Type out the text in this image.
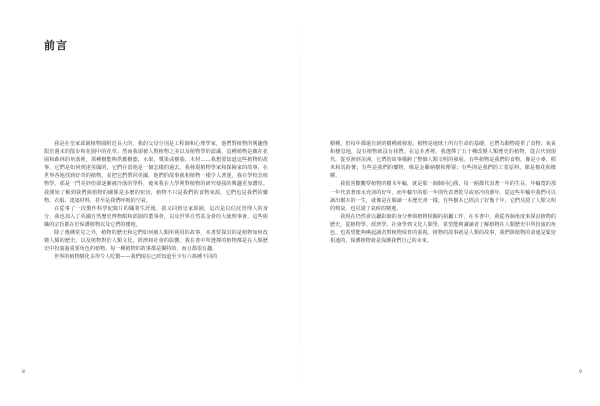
前言

我是在皇家邱園植物園附近長大的，我的父母分別是工程師和心理學家，他們對植物的興趣僅限於週末的散步和花園中的花草。然而我卻被人對植物之美以及植物學的認識，這種植物是藏在花園和森林的角落裡，那種樹能夠供應樹蔭、水果、漿果或樹脂，木材……我想要知道這些植物的故事，它們是如何到達英國的，它們在當地是一個怎樣的過去。我發現植物學家和探險家的故事，在世界各地找到好奇的植物，並把它們帶回英國，他們的故事就和植物一樣令人著迷。我在學校念植物學，那是一門美妙但卻逐漸被冷落的學科，後來我在大學裡對植物的研究使我的興趣更加濃厚。我開始了解到我們與植物的關係是多麼的密切，植物不只是我們的食物來源，它們也是我們的藥物、衣服、建築材料，甚至是我們呼吸的空氣。

在從事了一段製作科學紀錄片的職業生涯後，我又回到皇家邱園，這次是以信託管理人的身分，我也加入了英國自然歷史博物館和邱園的董事會，以及世界自然基金會的大使理事會，這些組織的宗旨都在於保護植物以及它們的棲地。

除了幾種常見之外，植物的歷史和它們如何被人類所利用的故事，本書要探討的是植物如何改變人類的歷史，以及植物對於人類文化、經濟和社會的影響。我在書中所選擇的植物都是在人類歷史中扮演過重要角色的植物，每一種植物的故事都是獨特的，而且都很有趣。

世界的植物變化多得令人吃驚——我們現在已經知道至少有六萬種不同的

8

樹種，但每年都還有新的樹種被發現。植物是地球上所有生命的基礎，它們為動物提供了食物、氧氣和棲息地，沒有植物就沒有我們。在這本書裡，我選擇了五十種改變人類歷史的植物，從古代到現代，從亞洲到美洲，它們的故事橫跨了整個人類文明的發展。有些植物是我們的食物，像是小麥、稻米和馬鈴薯；有些是我們的藥物，像是金雞納樹和罌粟；有些則是我們的工業原料，像是棉花和橡膠。

我很喜歡觀察植物的樹木年輪，就是那一個個同心圓，每一圈都代表著一年的生長，年輪寬的那一年代表著雨水充沛的好年，而年輪窄的那一年則代表著乾旱或寒冷的壞年。從這些年輪中我們可以讀出樹木的一生，就像是在閱讀一本歷史書一樣。有些樹木已經活了好幾千年，它們見證了人類文明的興衰，也見證了氣候的變遷。

我現在仍然會以攝影師的身分參與植物相關的拍攝工作，在本書中，我從各個角度來探討植物的歷史，從植物學、經濟學、社會學到文化人類學，希望能夠讓讀者了解植物在人類歷史中所扮演的角色，也希望能夠喚起讀者對植物保育的重視。植物的故事就是人類的故事，我們與植物的命運是緊密相連的，保護植物就是保護我們自己的未來。

9
